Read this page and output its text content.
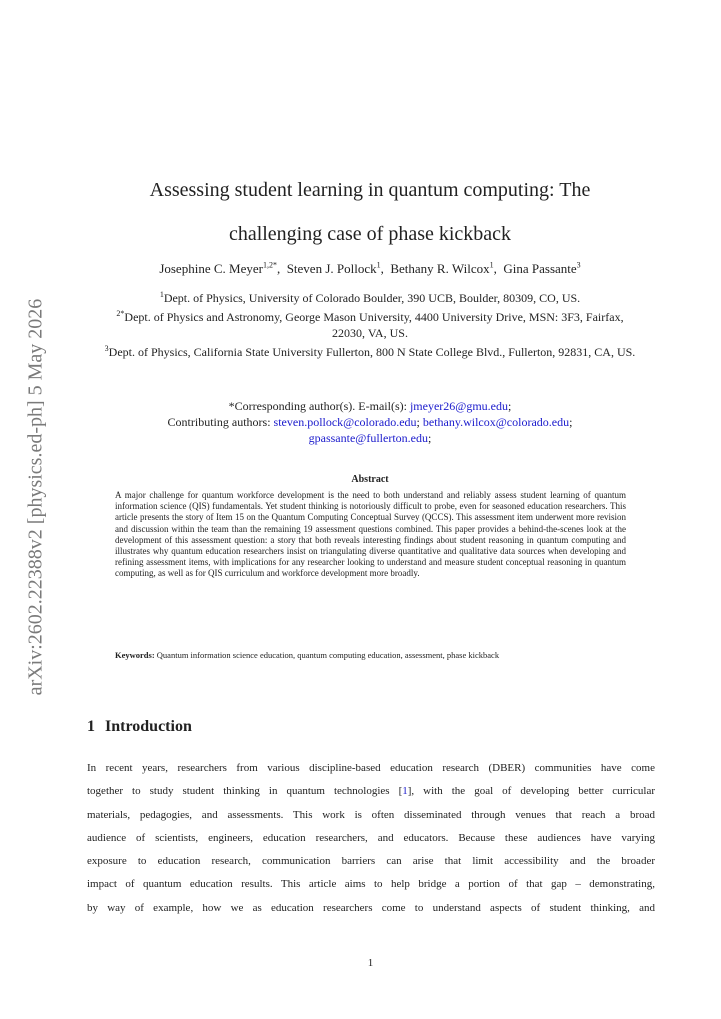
arXiv:2602.22388v2 [physics.ed-ph] 5 May 2026
Assessing student learning in quantum computing: The
challenging case of phase kickback
Josephine C. Meyer$^{1,2*}$, Steven J. Pollock$^1$, Bethany R. Wilcox$^1$, Gina Passante$^3$
$^1$Dept. of Physics, University of Colorado Boulder, 390 UCB, Boulder, 80309, CO, US.
$^{2*}$Dept. of Physics and Astronomy, George Mason University, 4400 University Drive, MSN: 3F3, Fairfax, 22030, VA, US.
$^3$Dept. of Physics, California State University Fullerton, 800 N State College Blvd., Fullerton, 92831, CA, US.
*Corresponding author(s). E-mail(s): jmeyer26@gmu.edu;
Contributing authors: steven.pollock@colorado.edu; bethany.wilcox@colorado.edu;
gpassante@fullerton.edu;
Abstract
A major challenge for quantum workforce development is the need to both understand and reliably assess student learning of quantum information science (QIS) fundamentals. Yet student thinking is notoriously difficult to probe, even for seasoned education researchers. This article presents the story of Item 15 on the Quantum Computing Conceptual Survey (QCCS). This assessment item underwent more revision and discussion within the team than the remaining 19 assessment questions combined. This paper provides a behind-the-scenes look at the development of this assessment question: a story that both reveals interesting findings about student reasoning in quantum computing and illustrates why quantum education researchers insist on triangulating diverse quantitative and qualitative data sources when developing and refining assessment items, with implications for any researcher looking to understand and measure student conceptual reasoning in quantum computing, as well as for QIS curriculum and workforce development more broadly.
Keywords: Quantum information science education, quantum computing education, assessment, phase kickback
1 Introduction
In recent years, researchers from various discipline-based education research (DBER) communities have come
together to study student thinking in quantum technologies [1], with the goal of developing better curricular
materials, pedagogies, and assessments. This work is often disseminated through venues that reach a broad
audience of scientists, engineers, education researchers, and educators. Because these audiences have varying
exposure to education research, communication barriers can arise that limit accessibility and the broader
impact of quantum education results. This article aims to help bridge a portion of that gap – demonstrating,
by way of example, how we as education researchers come to understand aspects of student thinking, and
1
